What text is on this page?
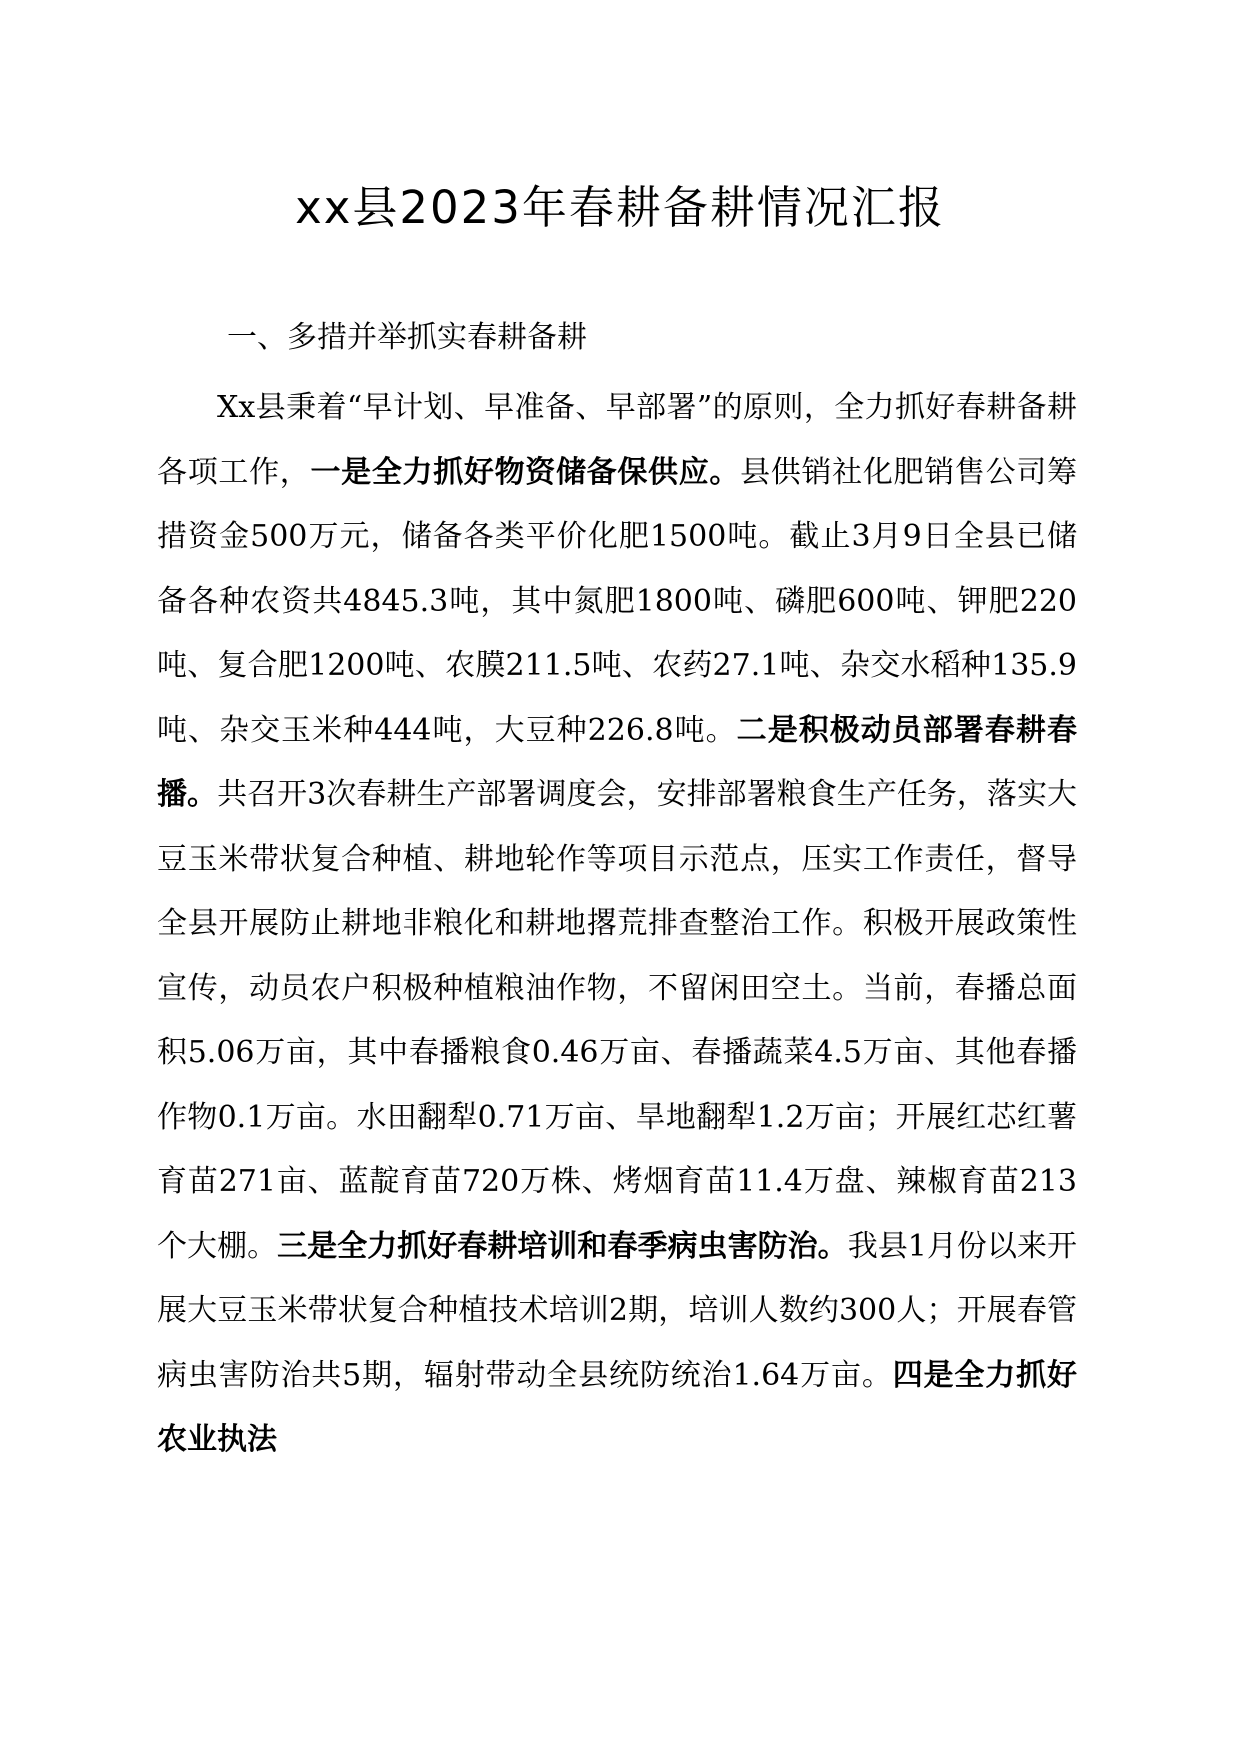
xx县2023年春耕备耕情况汇报
一、多措并举抓实春耕备耕

Xx县秉着“早计划、早准备、早部署”的原则，全力抓好春耕备耕各项工作，一是全力抓好物资储备保供应。县供销社化肥销售公司筹措资金500万元，储备各类平价化肥1500吨。截止3月9日全县已储备各种农资共4845.3吨，其中氮肥1800吨、磷肥600吨、钾肥220吨、复合肥1200吨、农膜211.5吨、农药27.1吨、杂交水稻种135.9吨、杂交玉米种444吨，大豆种226.8吨。二是积极动员部署春耕春播。共召开3次春耕生产部署调度会，安排部署粮食生产任务，落实大豆玉米带状复合种植、耕地轮作等项目示范点，压实工作责任，督导全县开展防止耕地非粮化和耕地撂荒排查整治工作。积极开展政策性宣传，动员农户积极种植粮油作物，不留闲田空土。当前，春播总面积5.06万亩，其中春播粮食0.46万亩、春播蔬菜4.5万亩、其他春播作物0.1万亩。水田翻犁0.71万亩、旱地翻犁1.2万亩；开展红芯红薯育苗271亩、蓝靛育苗720万株、烤烟育苗11.4万盘、辣椒育苗213个大棚。三是全力抓好春耕培训和春季病虫害防治。我县1月份以来开展大豆玉米带状复合种植技术培训2期，培训人数约300人；开展春管病虫害防治共5期，辐射带动全县统防统治1.64万亩。四是全力抓好农业执法
